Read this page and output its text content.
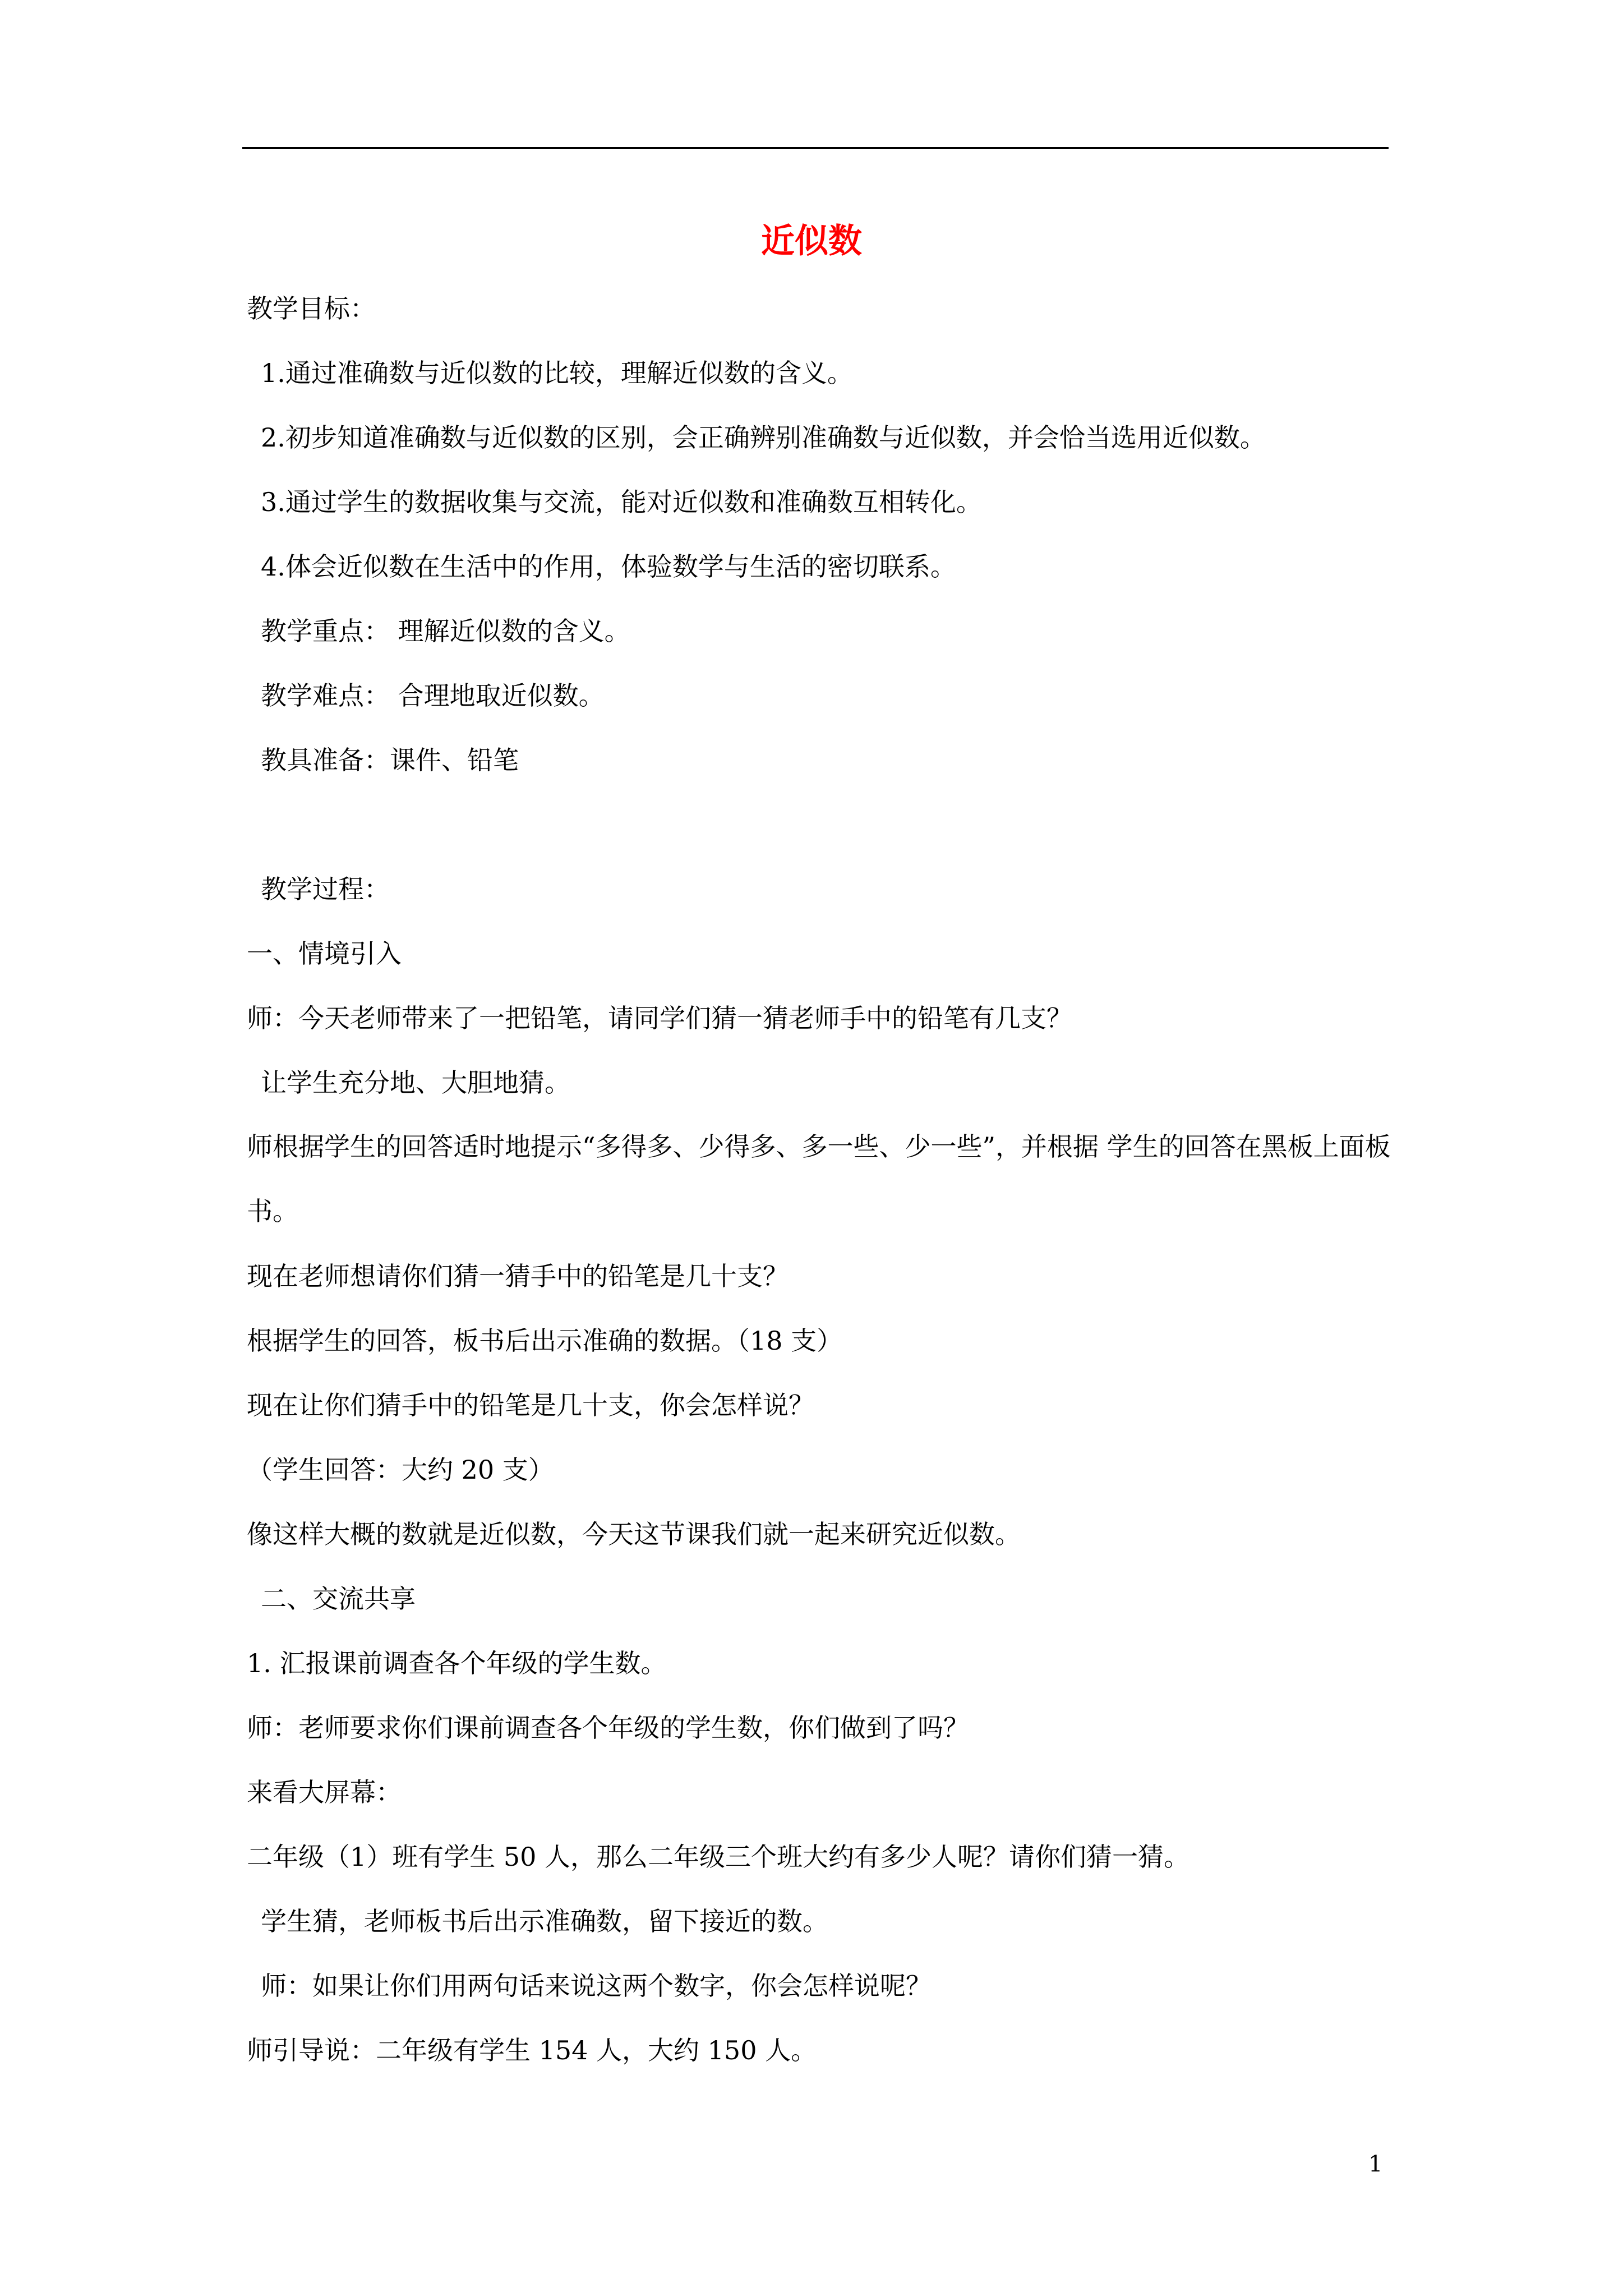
近似数
教学目标：
1.通过准确数与近似数的比较，理解近似数的含义。
2.初步知道准确数与近似数的区别，会正确辨别准确数与近似数，并会恰当选用近似数。
3.通过学生的数据收集与交流，能对近似数和准确数互相转化。
4.体会近似数在生活中的作用，体验数学与生活的密切联系。
教学重点： 理解近似数的含义。
教学难点： 合理地取近似数。
教具准备：课件、铅笔
教学过程：
一、情境引入
师：今天老师带来了一把铅笔，请同学们猜一猜老师手中的铅笔有几支？
让学生充分地、大胆地猜。
师根据学生的回答适时地提示“多得多、少得多、多一些、少一些”，并根据 学生的回答在黑板上面板书。
现在老师想请你们猜一猜手中的铅笔是几十支？
根据学生的回答，板书后出示准确的数据。（18 支）
现在让你们猜手中的铅笔是几十支，你会怎样说？
（学生回答：大约 20 支）
像这样大概的数就是近似数，今天这节课我们就一起来研究近似数。
二、交流共享
1. 汇报课前调查各个年级的学生数。
师：老师要求你们课前调查各个年级的学生数，你们做到了吗？
来看大屏幕：
二年级（1）班有学生 50 人，那么二年级三个班大约有多少人呢？请你们猜一猜。
学生猜，老师板书后出示准确数，留下接近的数。
师：如果让你们用两句话来说这两个数字，你会怎样说呢？
师引导说：二年级有学生 154 人，大约 150 人。
1
